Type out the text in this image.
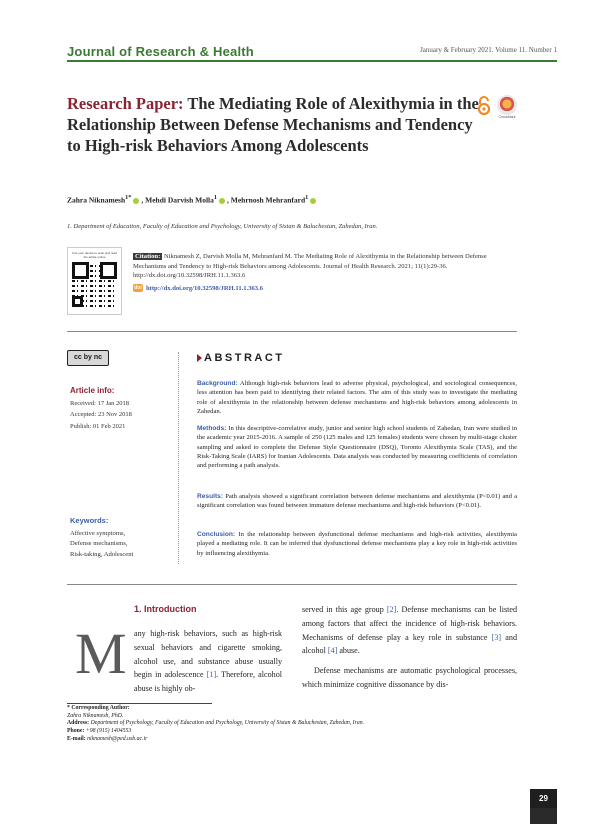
Journal of Research & Health	January & February 2021. Volume 11. Number 1
Research Paper: The Mediating Role of Alexithymia in the Relationship Between Defense Mechanisms and Tendency to High-risk Behaviors Among Adolescents
CrossMark
Zahra Niknamesh$^{1*}$ , Mehdi Darvish Molla$^1$ , Mehrnosh Mehranfard$^1$
1. Department of Education, Faculty of Education and Psychology, University of Sistan & Baluchestan, Zahedan, Iran.
Use your device to scan and read the article online	Citation: Niknamesh Z, Darvish Molla M, Mehranfard M. The Mediating Role of Alexithymia in the Relationship between Defense Mechanisms and Tendency to High-risk Behaviors among Adolescents. Journal of Health Research. 2021; 11(1):29-36. http://dx.doi.org/10.32598/JRH.11.1.363.6
doi http://dx.doi.org/10.32598/JRH.11.1.363.6
cc by nc	ABSTRACT
Article info:
Received: 17 Jan 2018
Accepted: 23 Nov 2018
Publish: 01 Feb 2021
Keywords:
Affective symptoms,
Defense mechanisms,
Risk-taking, Adolescent
Background: Although high-risk behaviors lead to adverse physical, psychological, and sociological consequences, less attention has been paid to identifying their related factors. The aim of this study was to investigate the mediating role of alexithymia in the relationship between defense mechanisms and high-risk behaviors among adolescents in Zahedan.
Methods: In this descriptive-correlative study, junior and senior high school students of Zahedan, Iran were studied in the academic year 2015-2016. A sample of 250 (125 males and 125 females) students were chosen by multi-stage cluster sampling and asked to complete the Defense Style Questionnaire (DSQ), Toronto Alexithymia Scale (TAS), and the Risk-Taking Scale (IARS) for Iranian Adolescents. Data analysis was conducted by measuring coefficients of correlation and performing a path analysis.
Results: Path analysis showed a significant correlation between defense mechanisms and alexithymia (P<0.01) and a significant correlation was found between immature defense mechanisms and high-risk behaviors (P<0.01).
Conclusion: In the relationship between dysfunctional defense mechanisms and high-risk activities, alexithymia played a mediating role. It can be inferred that dysfunctional defense mechanisms play a key role in high-risk activities by influencing alexithymia.
1. Introduction
M any high-risk behaviors, such as high-risk sexual behaviors and cigarette smoking, alcohol use, and substance abuse usually begin in adolescence [1]. Therefore, alcohol abuse is highly ob-
served in this age group [2]. Defense mechanisms can be listed among factors that affect the incidence of high-risk behaviors. Mechanisms of defense play a key role in substance [3] and alcohol [4] abuse.
Defense mechanisms are automatic psychological processes, which minimize cognitive dissonance by dis-
* Corresponding Author:
Zahra Niknamesh, PhD.
Address: Department of Psychology, Faculty of Education and Psychology, University of Sistan & Baluchestan, Zahedan, Iran.
Phone: +98 (915) 1404553
E-mail: niknamesh@ped.usb.ac.ir
29
